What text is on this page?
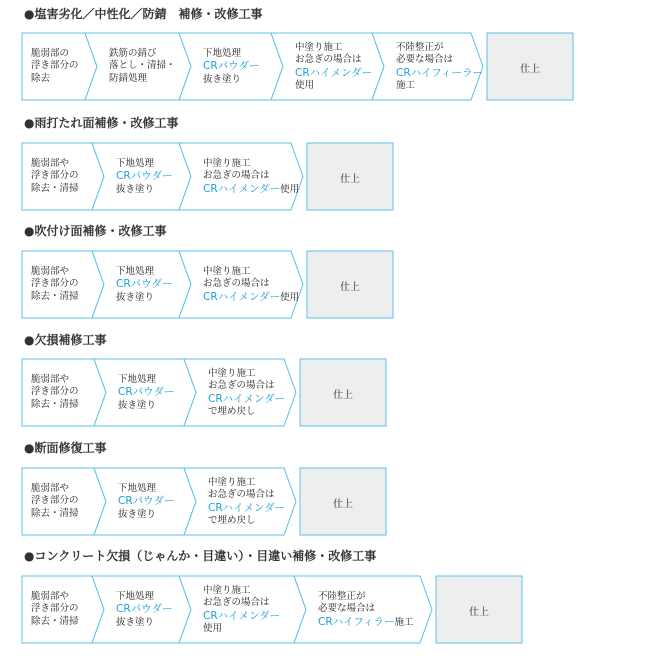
●塩害劣化／中性化／防錆　補修・改修工事
●雨打たれ面補修・改修工事
●吹付け面補修・改修工事
●欠損補修工事
●断面修復工事
●コンクリート欠損（じゃんか・目違い）・目違い補修・改修工事
脆弱部の
浮き部分の
除去
鉄筋の錆び
落とし・清掃・
防錆処理
下地処理
CRパウダー
抜き塗り
中塗り施工
お急ぎの場合は
CRハイメンダー
使用
不陸整正が
必要な場合は
CRハイフィーラー
施工
仕上
脆弱部や
浮き部分の
除去・清掃
下地処理
CRパウダー
抜き塗り
中塗り施工
お急ぎの場合は
CRハイメンダー使用
仕上
脆弱部や
浮き部分の
除去・清掃
下地処理
CRパウダー
抜き塗り
中塗り施工
お急ぎの場合は
CRハイメンダー使用
仕上
脆弱部や
浮き部分の
除去・清掃
下地処理
CRパウダー
抜き塗り
中塗り施工
お急ぎの場合は
CRハイメンダー
で埋め戻し
仕上
脆弱部や
浮き部分の
除去・清掃
下地処理
CRパウダー
抜き塗り
中塗り施工
お急ぎの場合は
CRハイメンダー
で埋め戻し
仕上
脆弱部や
浮き部分の
除去・清掃
下地処理
CRパウダー
抜き塗り
中塗り施工
お急ぎの場合は
CRハイメンダー
使用
不陸整正が
必要な場合は
CRハイフィラー施工
仕上
